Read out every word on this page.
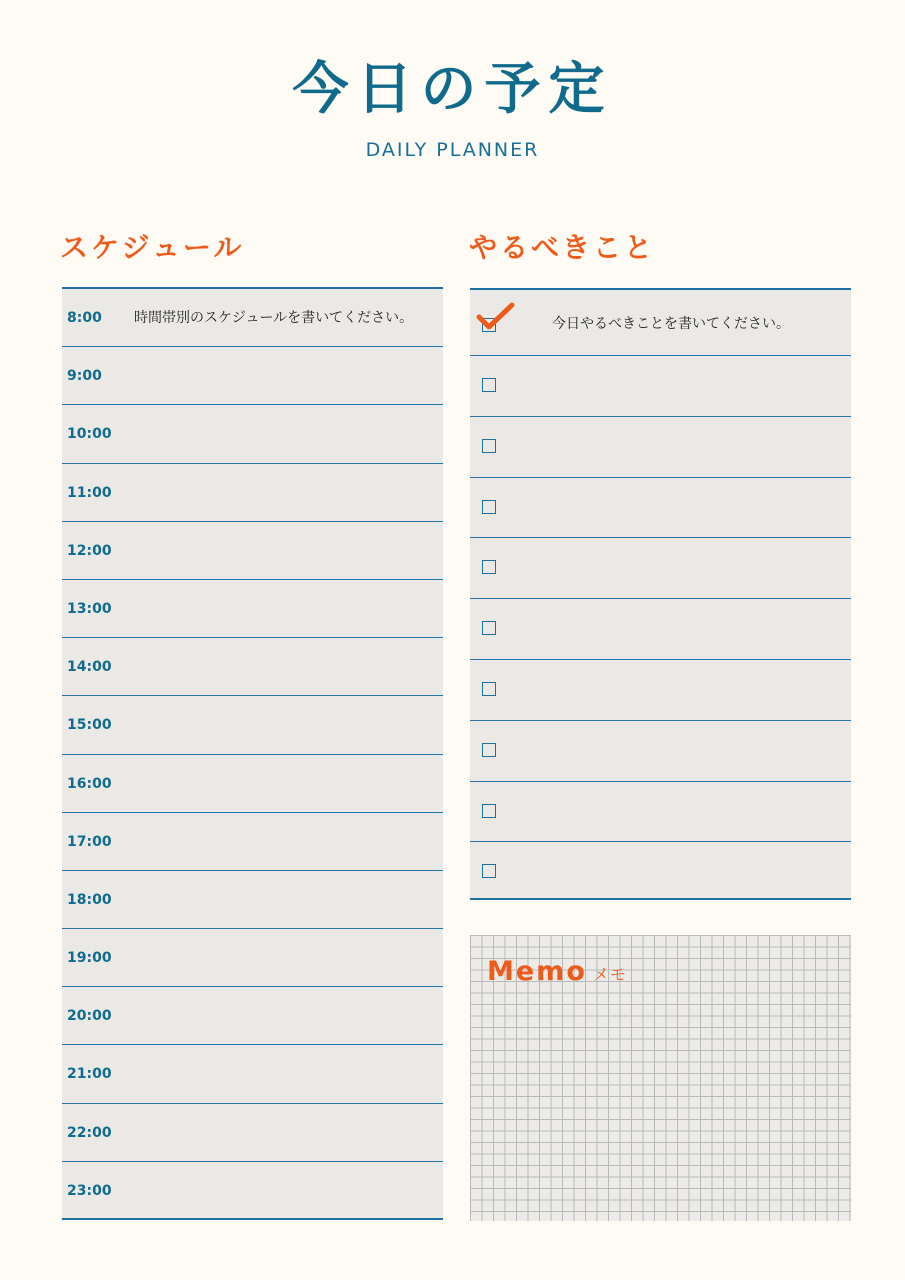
今日の予定
DAILY PLANNER
スケジュール	やるべきこと
8:00 時間帯別のスケジュールを書いてください。
9:00
10:00
11:00
12:00
13:00
14:00
15:00
16:00
17:00
18:00
19:00
20:00
21:00
22:00
23:00
今日やるべきことを書いてください。
Memo メモ
